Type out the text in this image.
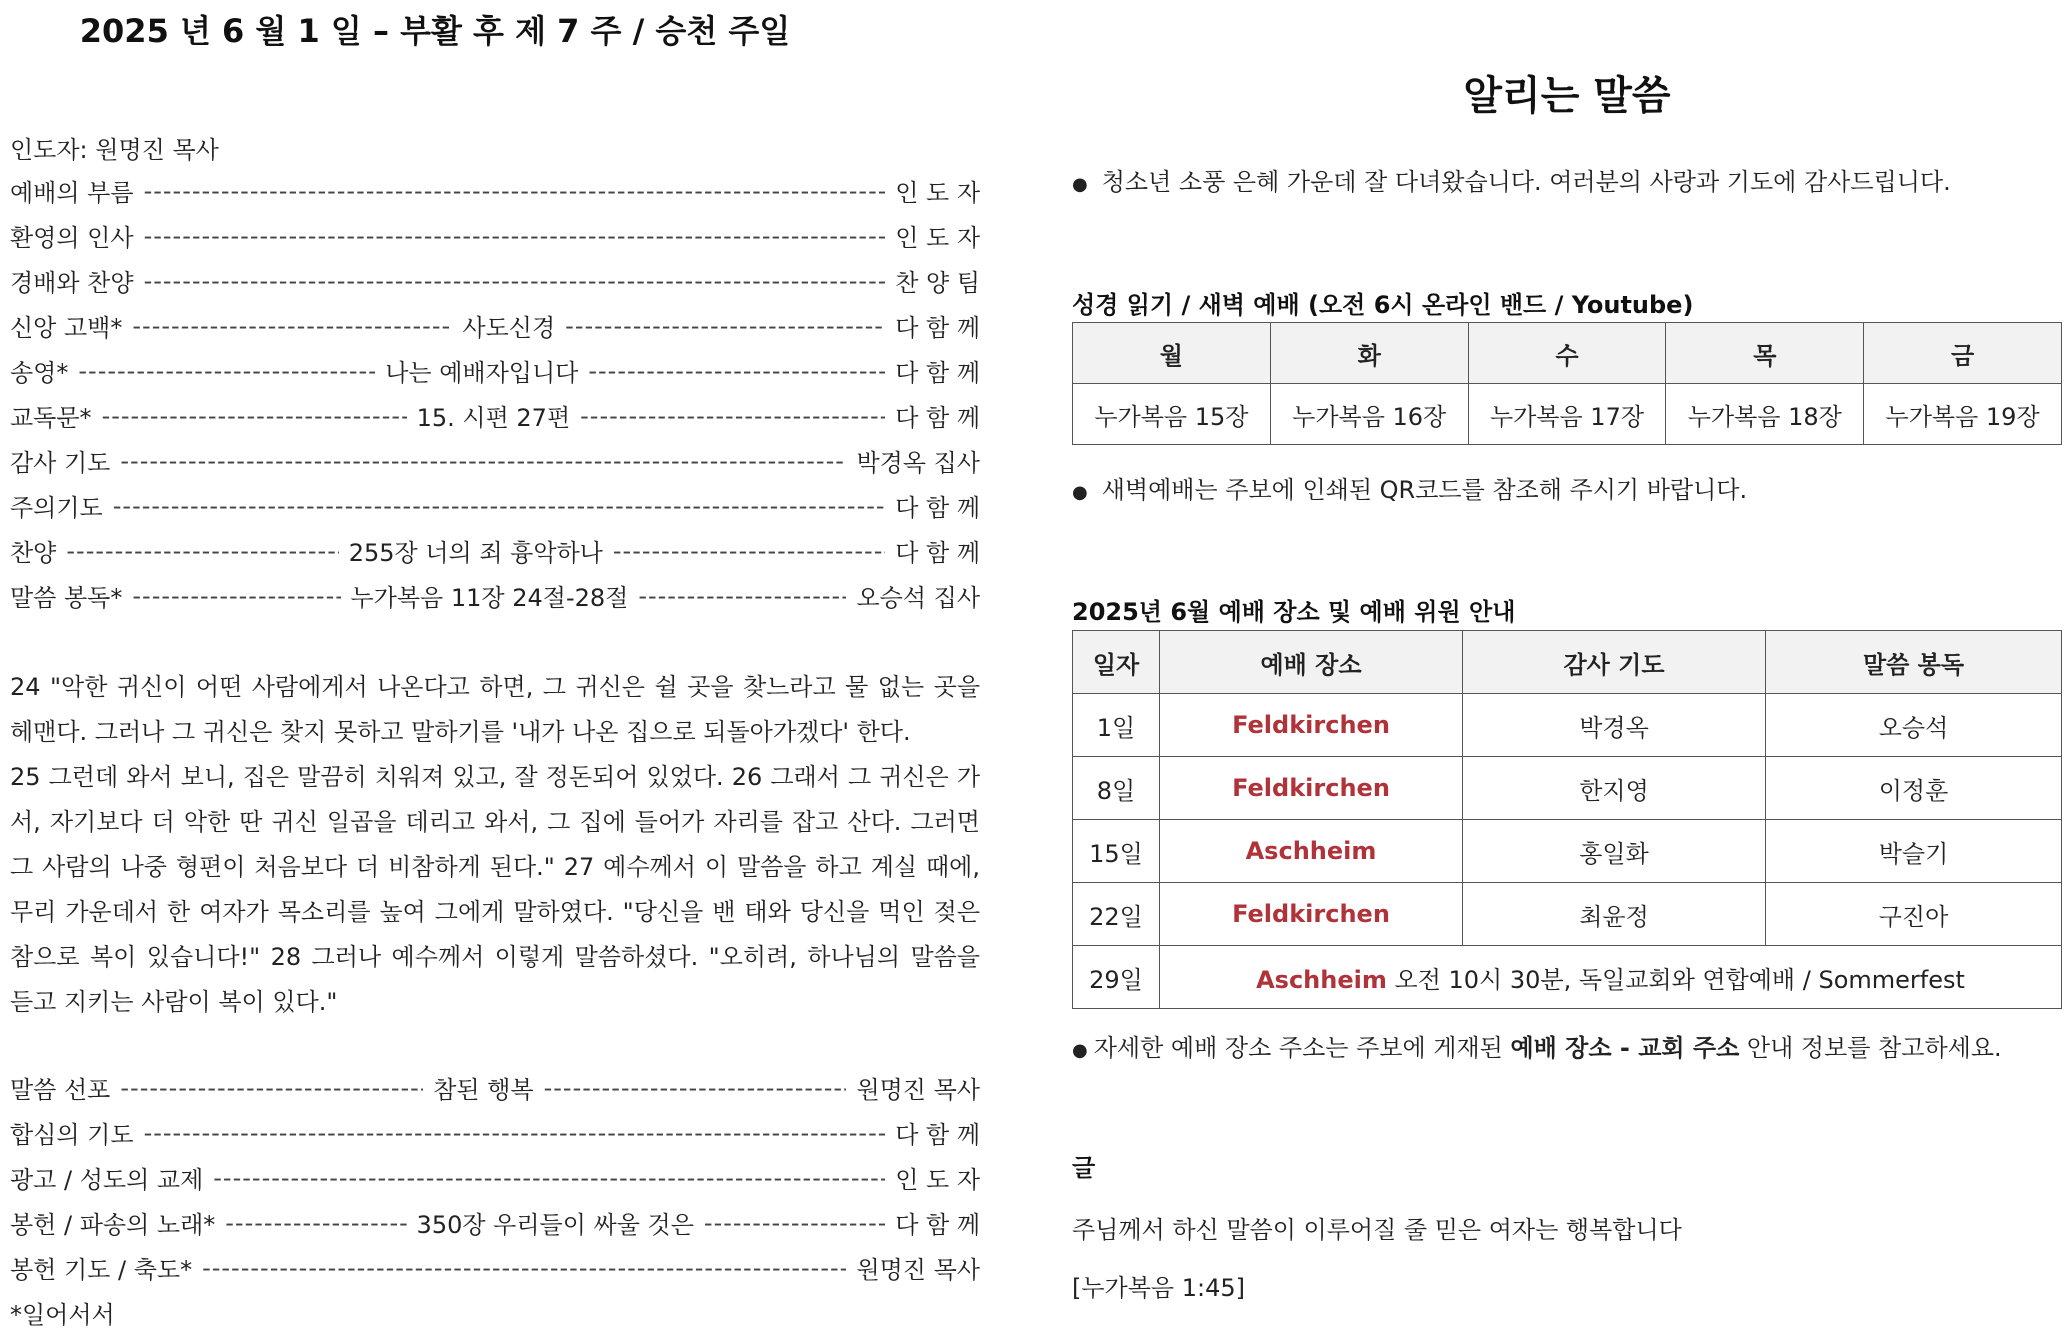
2025 년 6 월 1 일 – 부활 후 제 7 주 / 승천 주일
인도자: 원명진 목사
예배의 부름 -----	인 도 자
환영의 인사 -----	인 도 자
경배와 찬양 -----	찬 양 팀
신앙 고백* -----	사도신경 -----	다 함 께
송영* -----	나는 예배자입니다 -----	다 함 께
교독문* -----	15. 시편 27편 -----	다 함 께
감사 기도 -----	박경옥 집사
주의기도 -----	다 함 께
찬양 -----	255장 너의 죄 흉악하나 -----	다 함 께
말씀 봉독* -----	누가복음 11장 24절-28절 -----	오승석 집사

24 "악한 귀신이 어떤 사람에게서 나온다고 하면, 그 귀신은 쉴 곳을 찾느라고 물 없는 곳을 헤맨다. 그러나 그 귀신은 찾지 못하고 말하기를 '내가 나온 집으로 되돌아가겠다' 한다.

25 그런데 와서 보니, 집은 말끔히 치워져 있고, 잘 정돈되어 있었다. 26 그래서 그 귀신은 가서, 자기보다 더 악한 딴 귀신 일곱을 데리고 와서, 그 집에 들어가 자리를 잡고 산다. 그러면 그 사람의 나중 형편이 처음보다 더 비참하게 된다." 27 예수께서 이 말씀을 하고 계실 때에, 무리 가운데서 한 여자가 목소리를 높여 그에게 말하였다. "당신을 밴 태와 당신을 먹인 젖은 참으로 복이 있습니다!" 28 그러나 예수께서 이렇게 말씀하셨다. "오히려, 하나님의 말씀을 듣고 지키는 사람이 복이 있다."

말씀 선포 -----	참된 행복 -----	원명진 목사
합심의 기도 -----	다 함 께
광고 / 성도의 교제 -----	인 도 자
봉헌 / 파송의 노래* -----	350장 우리들이 싸울 것은 -----	다 함 께
봉헌 기도 / 축도* -----	원명진 목사
*일어서서
알리는 말씀
● 청소년 소풍 은혜 가운데 잘 다녀왔습니다. 여러분의 사랑과 기도에 감사드립니다.
성경 읽기 / 새벽 예배 (오전 6시 온라인 밴드 / Youtube)
월	화	수	목	금
누가복음 15장	누가복음 16장	누가복음 17장	누가복음 18장	누가복음 19장
● 새벽예배는 주보에 인쇄된 QR코드를 참조해 주시기 바랍니다.
2025년 6월 예배 장소 및 예배 위원 안내
일자	예배 장소	감사 기도	말씀 봉독
1일	Feldkirchen	박경옥	오승석
8일	Feldkirchen	한지영	이정훈
15일	Aschheim	홍일화	박슬기
22일	Feldkirchen	최윤정	구진아
29일	Aschheim 오전 10시 30분, 독일교회와 연합예배 / Sommerfest		
● 자세한 예배 장소 주소는 주보에 게재된 예배 장소 - 교회 주소 안내 정보를 참고하세요.
글
주님께서 하신 말씀이 이루어질 줄 믿은 여자는 행복합니다
[누가복음 1:45]
